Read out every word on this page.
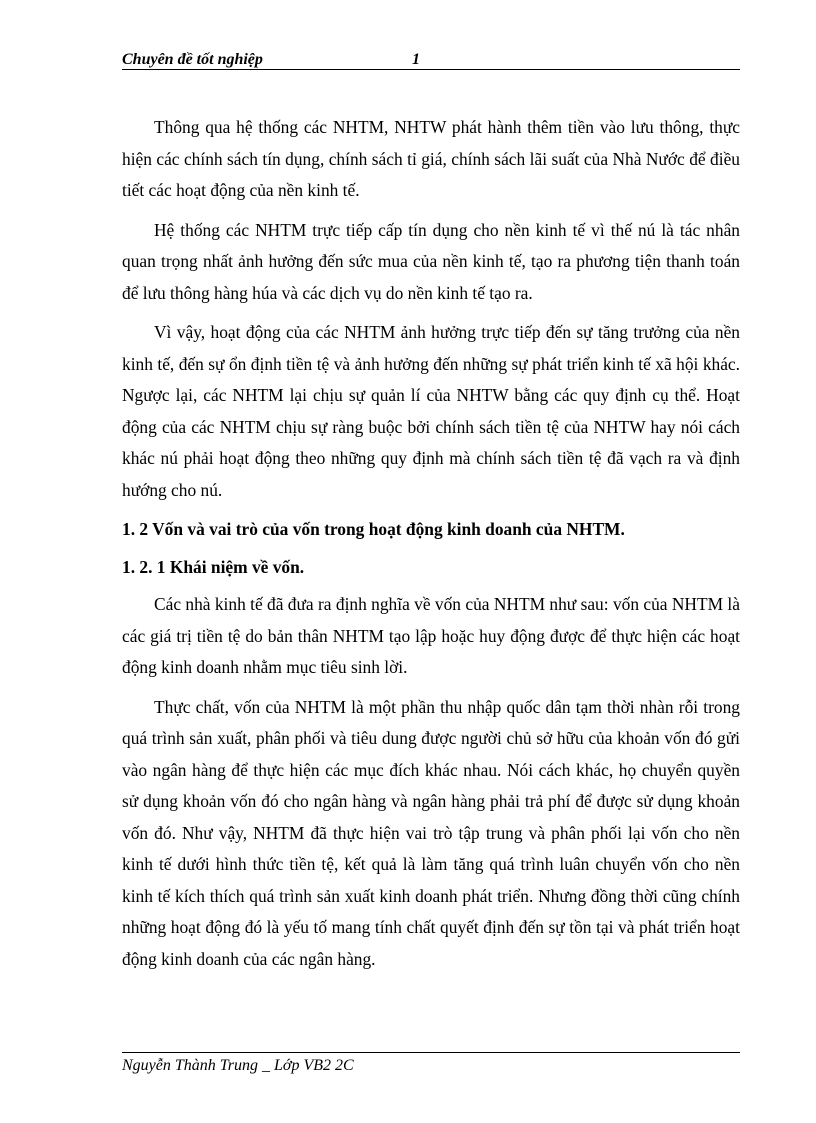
Chuyên đề tốt nghiệp	1

Thông qua hệ thống các NHTM, NHTW phát hành thêm tiền vào lưu thông, thực hiện các chính sách tín dụng, chính sách tỉ giá, chính sách lãi suất của Nhà Nước để điều tiết các hoạt động của nền kinh tế.

Hệ thống các NHTM trực tiếp cấp tín dụng cho nền kinh tế vì thế nú là tác nhân quan trọng nhất ảnh hưởng đến sức mua của nền kinh tế, tạo ra phương tiện thanh toán để lưu thông hàng húa và các dịch vụ do nền kinh tế tạo ra.

Vì vậy, hoạt động của các NHTM ảnh hưởng trực tiếp đến sự tăng trưởng của nền kinh tế, đến sự ổn định tiền tệ và ảnh hưởng đến những sự phát triển kinh tế xã hội khác. Ngược lại, các NHTM lại chịu sự quản lí của NHTW bằng các quy định cụ thể. Hoạt động của các NHTM chịu sự ràng buộc bởi chính sách tiền tệ của NHTW hay nói cách khác nú phải hoạt động theo những quy định mà chính sách tiền tệ đã vạch ra và định hướng cho nú.

1. 2 Vốn và vai trò của vốn trong hoạt động kinh doanh của NHTM.
1. 2. 1 Khái niệm về vốn.

Các nhà kinh tế đã đưa ra định nghĩa về vốn của NHTM như sau: vốn của NHTM là các giá trị tiền tệ do bản thân NHTM tạo lập hoặc huy động được để thực hiện các hoạt động kinh doanh nhằm mục tiêu sinh lời.

Thực chất, vốn của NHTM là một phần thu nhập quốc dân tạm thời nhàn rỗi trong quá trình sản xuất, phân phối và tiêu dung được người chủ sở hữu của khoản vốn đó gửi vào ngân hàng để thực hiện các mục đích khác nhau. Nói cách khác, họ chuyển quyền sử dụng khoản vốn đó cho ngân hàng và ngân hàng phải trả phí để được sử dụng khoản vốn đó. Như vậy, NHTM đã thực hiện vai trò tập trung và phân phối lại vốn cho nền kinh tế dưới hình thức tiền tệ, kết quả là làm tăng quá trình luân chuyển vốn cho nền kinh tế kích thích quá trình sản xuất kinh doanh phát triển. Nhưng đồng thời cũng chính những hoạt động đó là yếu tố mang tính chất quyết định đến sự tồn tại và phát triển hoạt động kinh doanh của các ngân hàng.

Nguyễn Thành Trung _ Lớp VB2 2C
